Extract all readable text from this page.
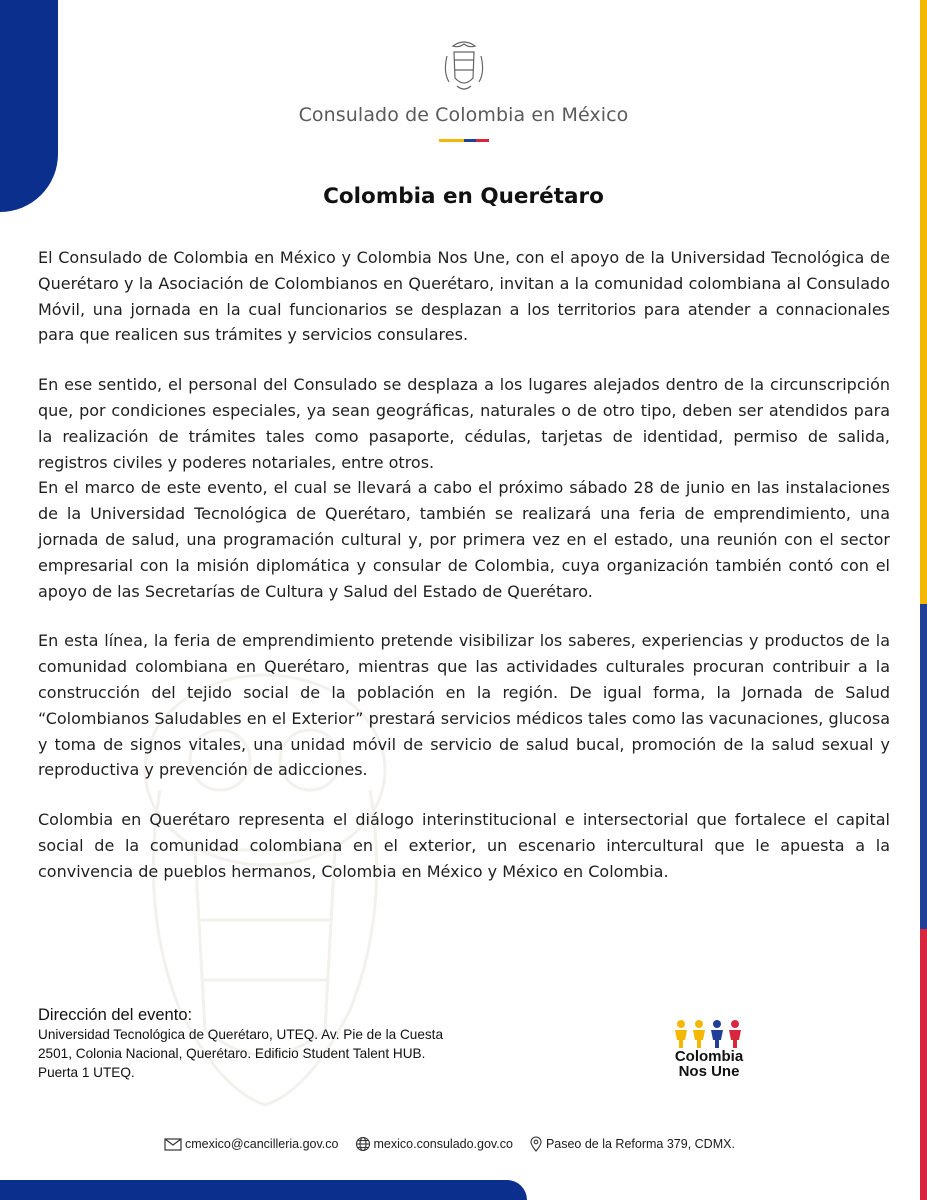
Consulado de Colombia en México
Colombia en Querétaro

El Consulado de Colombia en México y Colombia Nos Une, con el apoyo de la Universidad Tecnológica de Querétaro y la Asociación de Colombianos en Querétaro, invitan a la comunidad colombiana al Consulado Móvil, una jornada en la cual funcionarios se desplazan a los territorios para atender a connacionales para que realicen sus trámites y servicios consulares.

En ese sentido, el personal del Consulado se desplaza a los lugares alejados dentro de la circunscripción que, por condiciones especiales, ya sean geográficas, naturales o de otro tipo, deben ser atendidos para la realización de trámites tales como pasaporte, cédulas, tarjetas de identidad, permiso de salida, registros civiles y poderes notariales, entre otros.

En el marco de este evento, el cual se llevará a cabo el próximo sábado 28 de junio en las instalaciones de la Universidad Tecnológica de Querétaro, también se realizará una feria de emprendimiento, una jornada de salud, una programación cultural y, por primera vez en el estado, una reunión con el sector empresarial con la misión diplomática y consular de Colombia, cuya organización también contó con el apoyo de las Secretarías de Cultura y Salud del Estado de Querétaro.

En esta línea, la feria de emprendimiento pretende visibilizar los saberes, experiencias y productos de la comunidad colombiana en Querétaro, mientras que las actividades culturales procuran contribuir a la construcción del tejido social de la población en la región. De igual forma, la Jornada de Salud “Colombianos Saludables en el Exterior” prestará servicios médicos tales como las vacunaciones, glucosa y toma de signos vitales, una unidad móvil de servicio de salud bucal, promoción de la salud sexual y reproductiva y prevención de adicciones.

Colombia en Querétaro representa el diálogo interinstitucional e intersectorial que fortalece el capital social de la comunidad colombiana en el exterior, un escenario intercultural que le apuesta a la convivencia de pueblos hermanos, Colombia en México y México en Colombia.

Dirección del evento:
Universidad Tecnológica de Querétaro, UTEQ. Av. Pie de la Cuesta
2501, Colonia Nacional, Querétaro. Edificio Student Talent HUB.
Puerta 1 UTEQ.
Colombia
Nos Une
cmexico@cancilleria.gov.co	mexico.consulado.gov.co	Paseo de la Reforma 379, CDMX.
